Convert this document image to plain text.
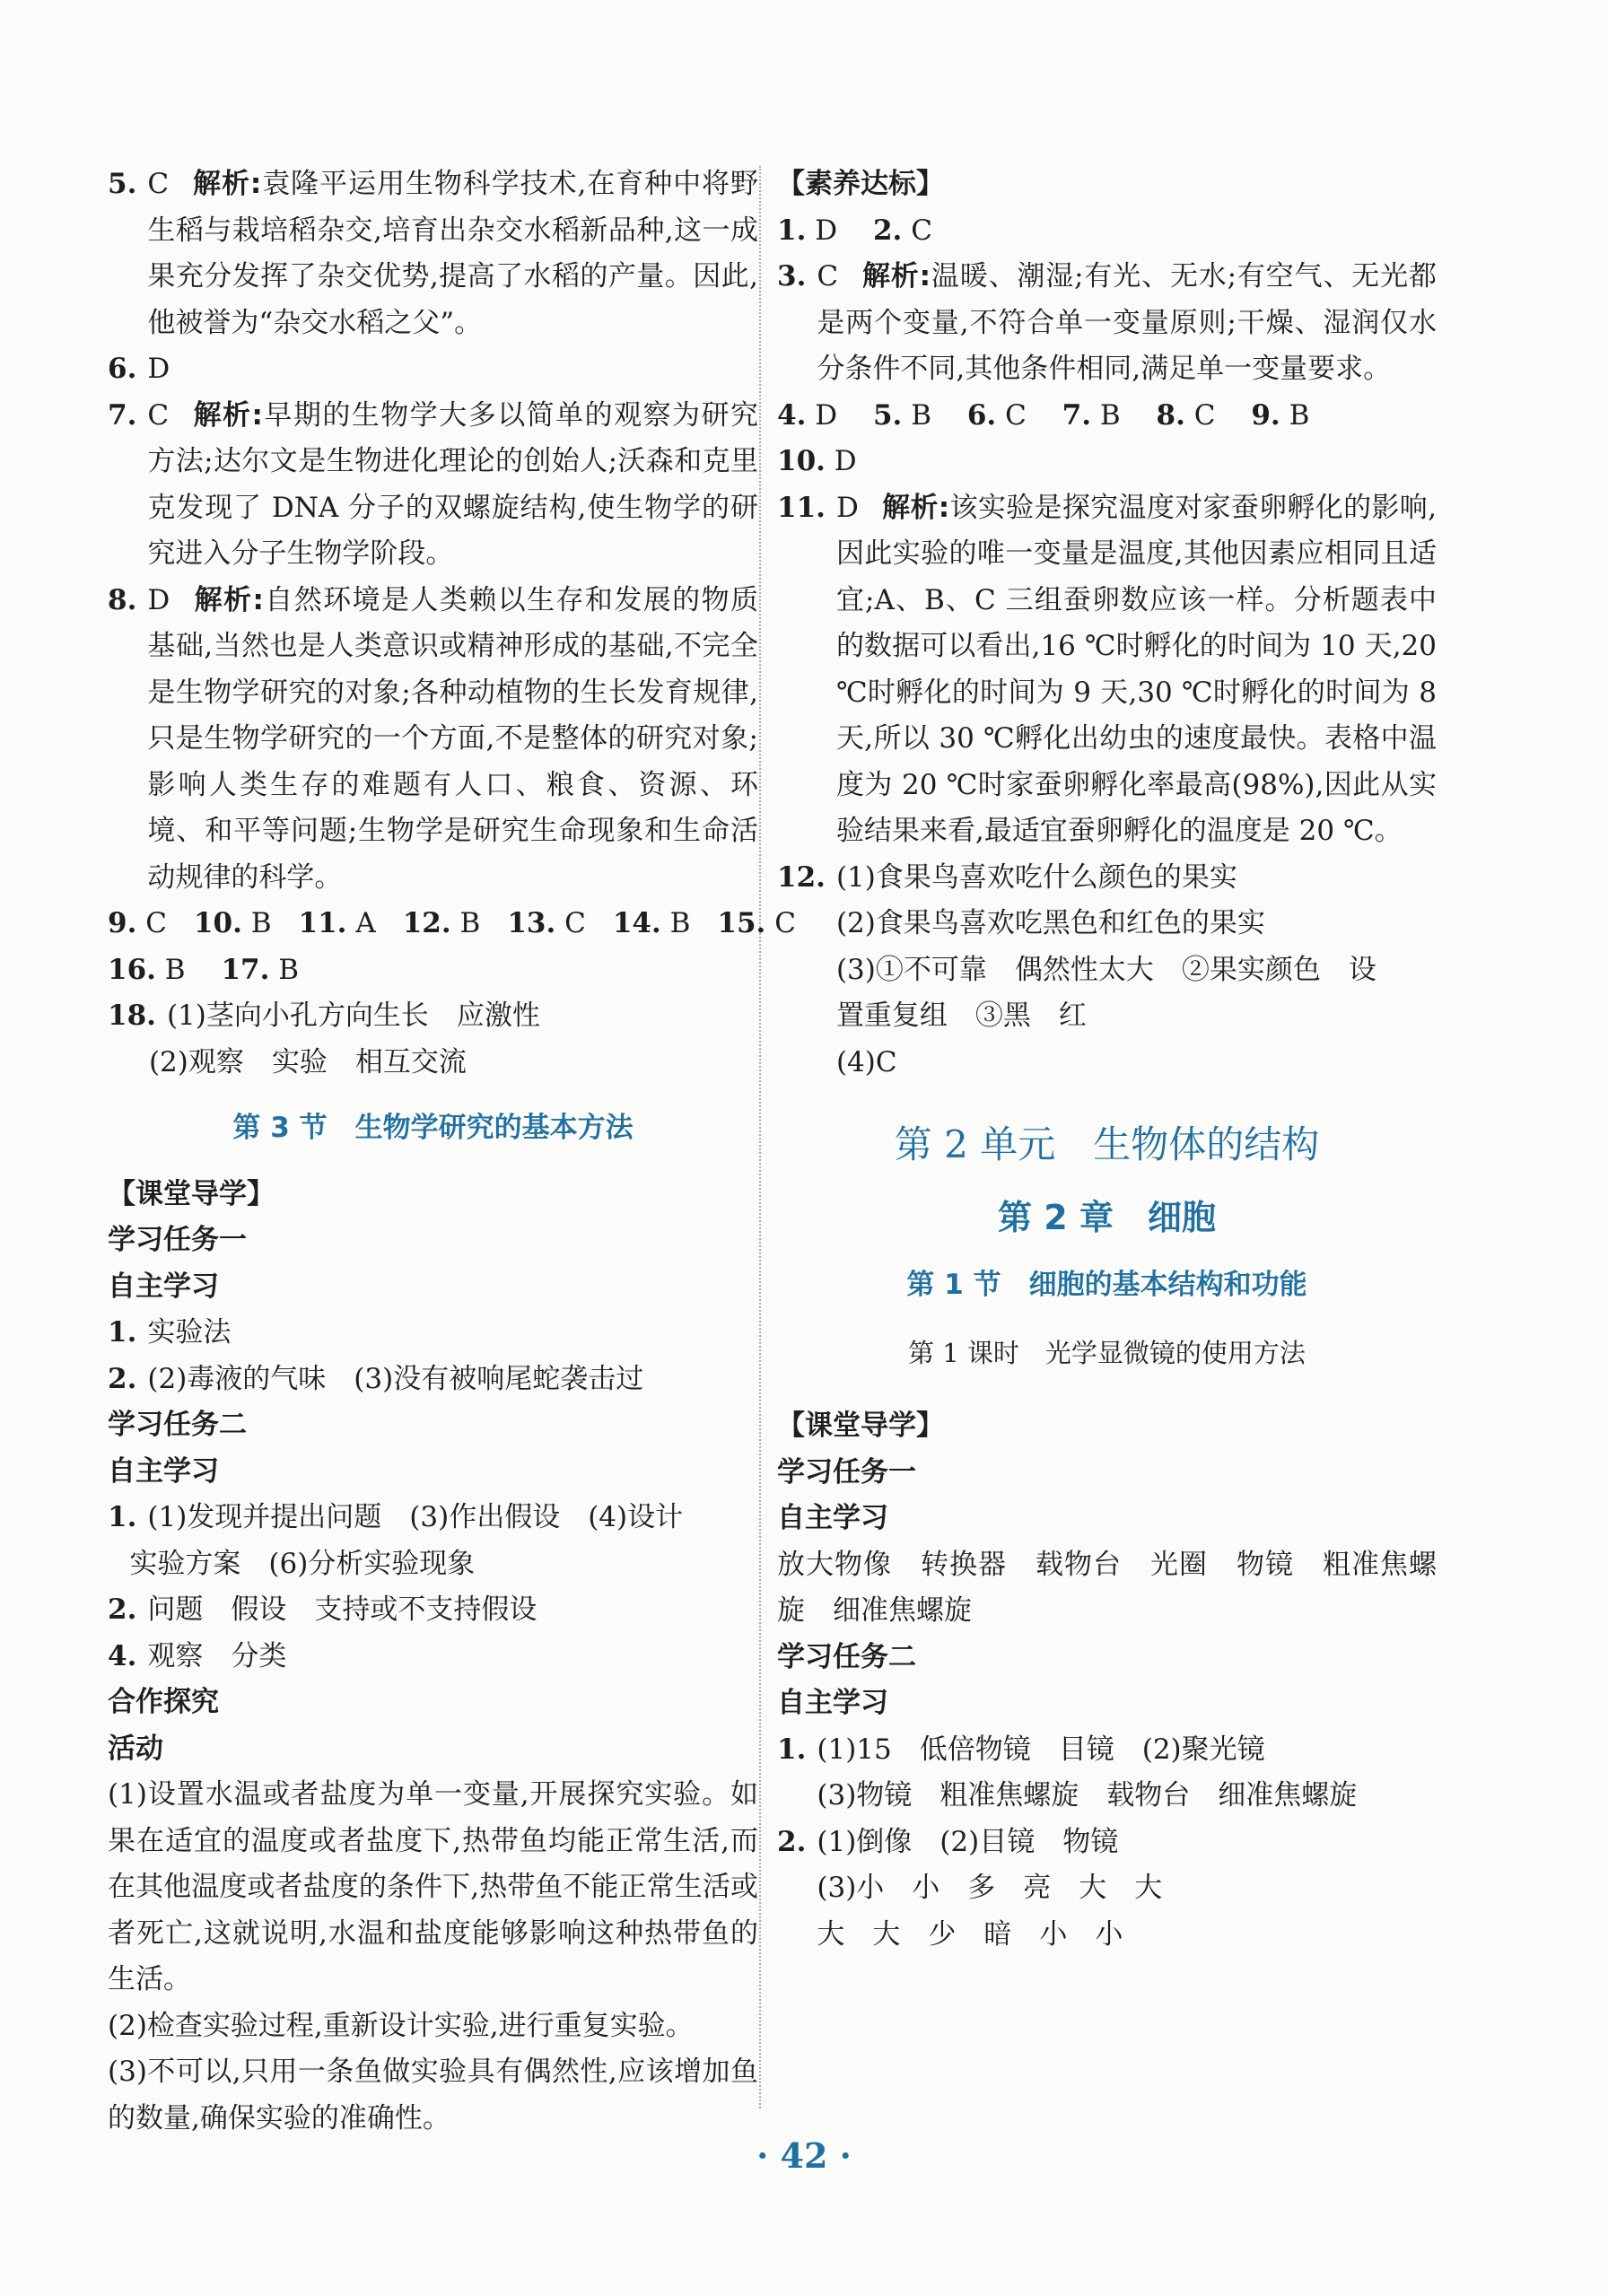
5. C 解析:袁隆平运用生物科学技术,在育种中将野生稻与栽培稻杂交,培育出杂交水稻新品种,这一成果充分发挥了杂交优势,提高了水稻的产量。因此,他被誉为“杂交水稻之父”。
6. D
7. C 解析:早期的生物学大多以简单的观察为研究方法;达尔文是生物进化理论的创始人;沃森和克里克发现了 DNA 分子的双螺旋结构,使生物学的研究进入分子生物学阶段。
8. D 解析:自然环境是人类赖以生存和发展的物质基础,当然也是人类意识或精神形成的基础,不完全是生物学研究的对象;各种动植物的生长发育规律,只是生物学研究的一个方面,不是整体的研究对象;影响人类生存的难题有人口、粮食、资源、环境、和平等问题;生物学是研究生命现象和生命活动规律的科学。
9. C 10. B 11. A 12. B 13. C 14. B 15. C
16. B 17. B
18. (1)茎向小孔方向生长　应激性
(2)观察　实验　相互交流
第 3 节　生物学研究的基本方法
【课堂导学】
学习任务一
自主学习
1. 实验法
2. (2)毒液的气味　(3)没有被响尾蛇袭击过
学习任务二
自主学习
1. (1)发现并提出问题　(3)作出假设　(4)设计
实验方案　(6)分析实验现象
2. 问题　假设　支持或不支持假设
4. 观察　分类
合作探究
活动
(1)设置水温或者盐度为单一变量,开展探究实验。如果在适宜的温度或者盐度下,热带鱼均能正常生活,而在其他温度或者盐度的条件下,热带鱼不能正常生活或者死亡,这就说明,水温和盐度能够影响这种热带鱼的生活。
(2)检查实验过程,重新设计实验,进行重复实验。
(3)不可以,只用一条鱼做实验具有偶然性,应该增加鱼的数量,确保实验的准确性。
【素养达标】
1. D 2. C
3. C 解析:温暖、潮湿;有光、无水;有空气、无光都是两个变量,不符合单一变量原则;干燥、湿润仅水分条件不同,其他条件相同,满足单一变量要求。
4. D 5. B 6. C 7. B 8. C 9. B 10. D
11. D 解析:该实验是探究温度对家蚕卵孵化的影响,因此实验的唯一变量是温度,其他因素应相同且适宜;A、B、C 三组蚕卵数应该一样。分析题表中的数据可以看出,16 ℃时孵化的时间为 10 天,20 ℃时孵化的时间为 9 天,30 ℃时孵化的时间为 8 天,所以 30 ℃孵化出幼虫的速度最快。表格中温度为 20 ℃时家蚕卵孵化率最高(98%),因此从实验结果来看,最适宜蚕卵孵化的温度是 20 ℃。
12. (1)食果鸟喜欢吃什么颜色的果实
(2)食果鸟喜欢吃黑色和红色的果实
(3)①不可靠　偶然性太大　②果实颜色　设
置重复组　③黑　红
(4)C
第 2 单元　生物体的结构
第 2 章　细胞
第 1 节　细胞的基本结构和功能
第 1 课时　光学显微镜的使用方法
【课堂导学】
学习任务一
自主学习
放大物像　转换器　载物台　光圈　物镜　粗准焦螺旋　细准焦螺旋
学习任务二
自主学习
1. (1)15　低倍物镜　目镜　(2)聚光镜
(3)物镜　粗准焦螺旋　载物台　细准焦螺旋
2. (1)倒像　(2)目镜　物镜
(3)小　小　多　亮　大　大
大　大　少　暗　小　小
· 42 ·
